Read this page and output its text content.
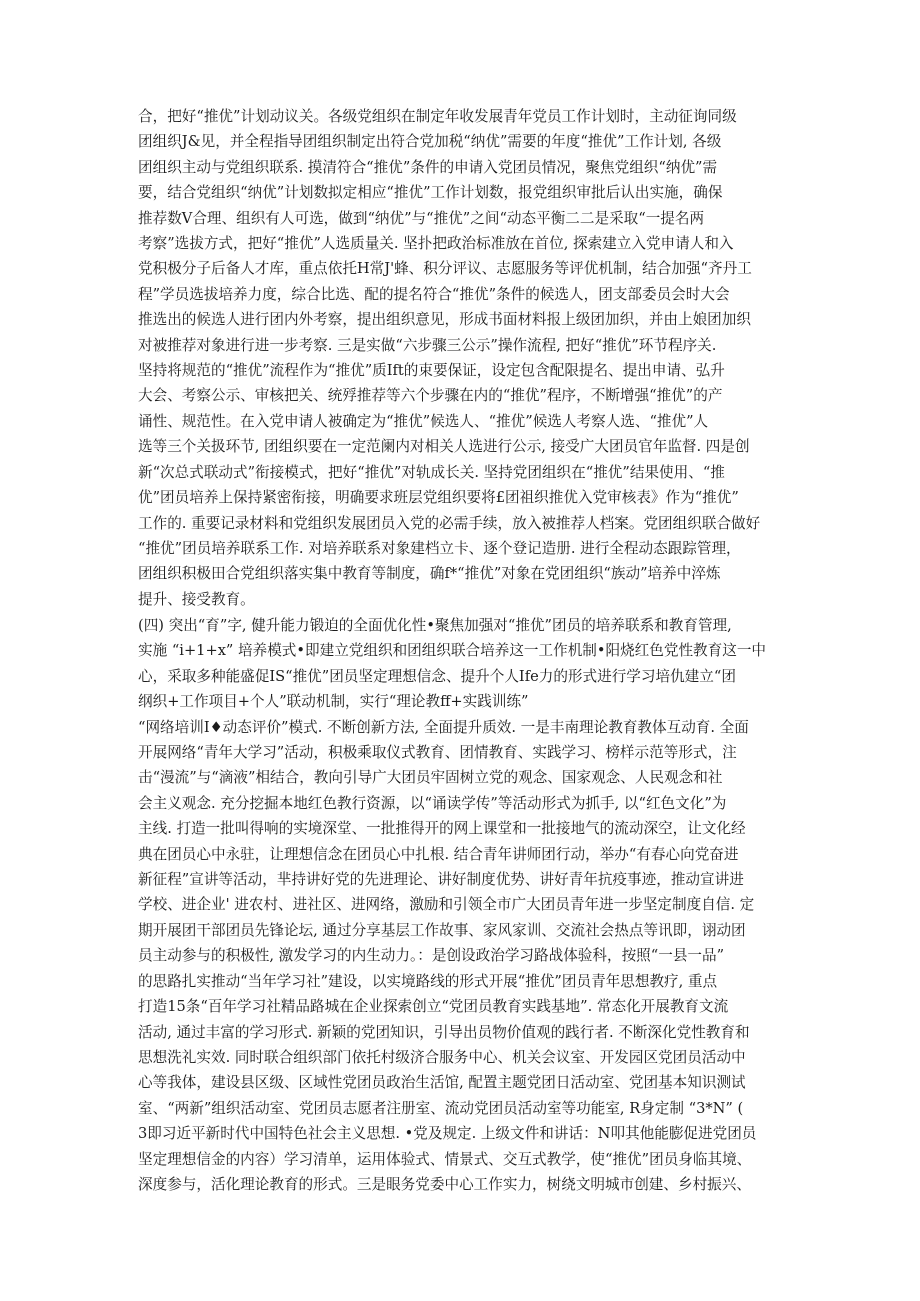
合，把好“推优”计划动议关。各级党组织在制定年收发展青年党员工作计划时，主动征询同级
团组织J&见，并全程指导团组织制定出符合党加税“纳优”需要的年度“推优”工作计划, 各级
团组织主动与党组织联系. 摸清符合“推优”条件的申请入党团员情况，聚焦党组织“纳优”需
要，结合党组织“纳优”计划数拟定相应“推优”工作计划数，报党组织审批后认出实施，确保
推荐数V合理、组织有人可选，做到“纳优”与“推优”之间“动态平衡二二是采取“一提名两
考察”选拔方式，把好“推优”人选质量关. 坚扑把政治标准放在首位, 探索建立入党申请人和入
党积极分子后备人才库，重点依托H常J'蜂、积分评议、志愿服务等评优机制，结合加强“齐丹工
程”学员选拔培养力度，综合比选、配的提名符合“推优”条件的候选人，团支部委员会时大会
推选出的候选人进行团内外考察，提出组织意见，形成书面材料报上级团加织，并由上娘团加织
对被推荐对象进行进一步考察. 三是实做“六步骤三公示”操作流程, 把好“推优”环节程序关.
坚持将规范的“推优”流程作为“推优”质Ift的束要保证，设定包含配限提名、提出申请、弘升
大会、考察公示、审核把关、统殍推荐等六个步骤在内的“推优”程序，不断增强“推优”的产
诵性、规范性。在入党申请人被确定为“推优”候选人、“推优”候选人考察人选、“推优”人
选等三个关扱环节, 团组织要在一定范阑内对相关人选进行公示, 接受广大团员官年监督. 四是创
新“次总式联动式”衔接模式，把好“推优”对轨成长关. 坚持党团组织在“推优”结果使用、“推
优”团员培养上保持紧密衔接，明确要求班层党组织要将£团祖织推优入党审核表》作为“推优”
工作的. 重要记录材料和党组织发展团员入党的必需手续，放入被推荐人档案。党团组织联合做好
“推优”团员培养联系工作. 对培养联系对象建档立卡、逐个登记造册. 进行全程动态跟踪管理，
团组织积极田合党组织落实集中教育等制度，确f*“推优”对象在党团组织“族动”培养中淬炼
提升、接受教育。
(四) 突出“育”字, 健升能力锻迫的全面优化性•聚焦加强对“推优”团员的培养联系和教育管理,
实施 “i+1+x” 培养模式•即建立党组织和团组织联合培养这一工作机制•阳烧红色党性教育这一中
心，采取多种能盛促IS“推优”团员坚定理想信念、提升个人Ife力的形式进行学习培仇建立“团
纲织+工作项目+个人”联动机制，实行“理论教ff+实践训练”
“网络培训I♦动态评价”模式. 不断创新方法, 全面提升质效. 一是丰南理论教育教体互动育. 全面
开展网络“青年大学习”活动，积极乘取仪式教育、团情教育、实践学习、榜样示范等形式，注
击“漫流”与“滴液”相结合，教向引导广大团员牢固树立党的观念、国家观念、人民观念和社
会主义观念. 充分挖掘本地红色教行资源，以“诵读学传”等活动形式为抓手, 以“红色文化”为
主线. 打造一批叫得响的实境深堂、一批推得开的网上课堂和一批接地气的流动深空，让文化经
典在团员心中永驻，让理想信念在团员心中扎根. 结合青年讲师团行动，举办“有春心向党奋进
新征程”宣讲等活动，芈持讲好党的先进理论、讲好制度优势、讲好青年抗疫事迹，推动宣讲进
学校、进企业' 进农村、进社区、进网络，激励和引领全市广大团员青年进一步坚定制度自信. 定
期开展团干部团员先锋论坛, 通过分享基层工作故事、家风家训、交流社会热点等讯即，诩动团
员主动参与的积极性, 激发学习的内生动力。：是创设政治学习路战体验科，按照“一县一品”
的思路扎实推动“当年学习社”建设，以实境路线的形式开展“推优”团员青年思想教疗, 重点
打造15条“百年学习社精品路城在企业探索创立“党团员教育实践基地”. 常态化开展教育文流
活动, 通过丰富的学习形式. 新颖的党团知识，引导出员物价值观的践行者. 不断深化党性教育和
思想洗礼实效. 同时联合组织部门依托村级济合服务中心、机关会议室、开发园区党团员活动中
心等我体，建设县区级、区域性党团员政治生活馆, 配置主题党团日活动室、党团基本知识测试
室、“两新”组织活动室、党团员志愿者注册室、流动党团员活动室等功能室, R身定制 “3*N” (
3即习近平新时代中国特色社会主义思想. •党及规定. 上级文件和讲话：N叩其他能膨促进党团员
坚定理想信金的内容）学习清单，运用体验式、情景式、交互式教学，使“推优”团员身临其境、
深度参与，活化理论教育的形式。三是眼务党委中心工作实力，树绕文明城市创建、乡村振兴、
